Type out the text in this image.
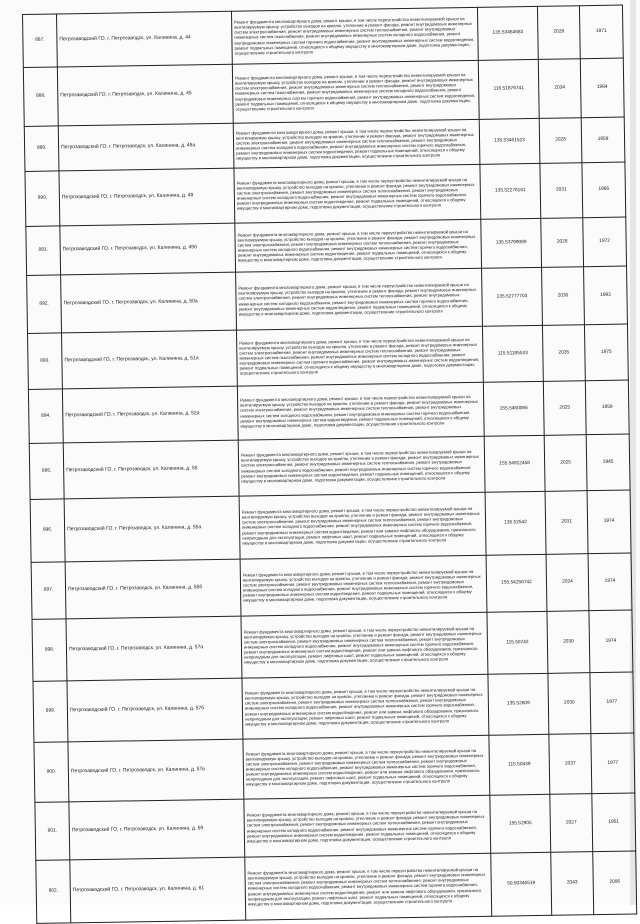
887.	Петрозаводский ГО, г. Петрозаводск, ул. Калинина, д. 44	Ремонт фундамента многоквартирного дома, ремонт крыши, в том числе переустройство невентилируемой крыши на вентилируемую крышу, устройство выходов на кровлю, утепление и ремонт фасада, ремонт внутридомовых инженерных систем электроснабжения, ремонт внутридомовых инженерных систем теплоснабжения, ремонт внутридомовых инженерных систем газоснабжения, ремонт внутридомовых инженерных систем холодного водоснабжения, ремонт внутридомовых инженерных систем горячего водоснабжения, ремонт внутридомовых инженерных систем водоотведения, ремонт подвальных помещений, относящихся к общему имуществу в многоквартирном доме, подготовка документации, осуществление строительного контроля	135.53464683	2029	1971
888.	Петрозаводский ГО, г. Петрозаводск, ул. Калинина, д. 45	Ремонт фундамента многоквартирного дома, ремонт крыши, в том числе переустройство невентилируемой крыши на вентилируемую крышу, устройство выходов на кровлю, утепление и ремонт фасада, ремонт внутридомовых инженерных систем электроснабжения, ремонт внутридомовых инженерных систем теплоснабжения, ремонт внутридомовых инженерных систем газоснабжения, ремонт внутридомовых инженерных систем холодного водоснабжения, ремонт внутридомовых инженерных систем горячего водоснабжения, ремонт внутридомовых инженерных систем водоотведения, ремонт подвальных помещений, относящихся к общему имуществу в многоквартирном доме, подготовка документации, осуществление строительного контроля	116.51876741	2034	1984
889.	Петрозаводский ГО, г. Петрозаводск, ул. Калинина, д. 46а	Ремонт фундамента многоквартирного дома, ремонт крыши, в том числе переустройство невентилируемой крыши на вентилируемую крышу, устройство выходов на кровлю, утепление и ремонт фасада, ремонт внутридомовых инженерных систем электроснабжения, ремонт внутридомовых инженерных систем теплоснабжения, ремонт внутридомовых инженерных систем холодного водоснабжения, ремонт внутридомовых инженерных систем горячего водоснабжения, ремонт внутридомовых инженерных систем водоотведения, ремонт подвальных помещений, относящихся к общему имуществу в многоквартирном доме, подготовка документации, осуществление строительного контроля	135.53461523	2028	1959
890.	Петрозаводский ГО, г. Петрозаводск, ул. Калинина, д. 48	Ремонт фундамента многоквартирного дома, ремонт крыши, в том числе переустройство невентилируемой крыши на вентилируемую крышу, устройство выходов на кровлю, утепление и ремонт фасада, ремонт внутридомовых инженерных систем электроснабжения, ремонт внутридомовых инженерных систем теплоснабжения, ремонт внутридомовых инженерных систем холодного водоснабжения, ремонт внутридомовых инженерных систем горячего водоснабжения, ремонт внутридомовых инженерных систем водоотведения, ремонт подвальных помещений, относящихся к общему имуществу в многоквартирном доме, подготовка документации, осуществление строительного контроля	135.52276161	2031	1985
891.	Петрозаводский ГО, г. Петрозаводск, ул. Калинина, д. 49б	Ремонт фундамента многоквартирного дома, ремонт крыши, в том числе переустройство невентилируемой крыши на вентилируемую крышу, устройство выходов на кровлю, утепление и ремонт фасада, ремонт внутридомовых инженерных систем электроснабжения, ремонт внутридомовых инженерных систем теплоснабжения, ремонт внутридомовых инженерных систем холодного водоснабжения, ремонт внутридомовых инженерных систем горячего водоснабжения, ремонт внутридомовых инженерных систем водоотведения, ремонт подвальных помещений, относящихся к общему имуществу в многоквартирном доме, подготовка документации, осуществление строительного контроля	135.53799089	2028	1972
892.	Петрозаводский ГО, г. Петрозаводск, ул. Калинина, д. 50а	Ремонт фундамента многоквартирного дома, ремонт крыши, в том числе переустройство невентилируемой крыши на вентилируемую крышу, устройство выходов на кровлю, утепление и ремонт фасада, ремонт внутридомовых инженерных систем электроснабжения, ремонт внутридомовых инженерных систем теплоснабжения, ремонт внутридомовых инженерных систем холодного водоснабжения, ремонт внутридомовых инженерных систем горячего водоснабжения, ремонт внутридомовых инженерных систем водоотведения, ремонт подвальных помещений, относящихся к общему имуществу в многоквартирном доме, подготовка документации, осуществление строительного контроля	135.52777703	2030	1983
893.	Петрозаводский ГО, г. Петрозаводск, ул. Калинина, д. 51а	Ремонт фундамента многоквартирного дома, ремонт крыши, в том числе переустройство невентилируемой крыши на вентилируемую крышу, устройство выходов на кровлю, утепление и ремонт фасада, ремонт внутридомовых инженерных систем электроснабжения, ремонт внутридомовых инженерных систем теплоснабжения, ремонт внутридомовых инженерных систем газоснабжения, ремонт внутридомовых инженерных систем холодного водоснабжения, ремонт внутридомовых инженерных систем горячего водоснабжения, ремонт внутридомовых инженерных систем водоотведения, ремонт подвальных помещений, относящихся к общему имуществу в многоквартирном доме, подготовка документации, осуществление строительного контроля	115.51185533	2035	1975
894.	Петрозаводский ГО, г. Петрозаводск, ул. Калинина, д. 52а	Ремонт фундамента многоквартирного дома, ремонт крыши, в том числе переустройство невентилируемой крыши на вентилируемую крышу, устройство выходов на кровлю, утепление и ремонт фасада, ремонт внутридомовых инженерных систем электроснабжения, ремонт внутридомовых инженерных систем теплоснабжения, ремонт внутридомовых инженерных систем холодного водоснабжения, ремонт внутридомовых инженерных систем горячего водоснабжения, ремонт внутридомовых инженерных систем водоотведения, ремонт подвальных помещений, относящихся к общему имуществу в многоквартирном доме, подготовка документации, осуществление строительного контроля	155.5460066	2025	1959
895.	Петрозаводский ГО, г. Петрозаводск, ул. Калинина, д. 55	Ремонт фундамента многоквартирного дома, ремонт крыши, в том числе переустройство невентилируемой крыши на вентилируемую крышу, устройство выходов на кровлю, утепление и ремонт фасада, ремонт внутридомовых инженерных систем электроснабжения, ремонт внутридомовых инженерных систем теплоснабжения, ремонт внутридомовых инженерных систем холодного водоснабжения, ремонт внутридомовых инженерных систем горячего водоснабжения, ремонт внутридомовых инженерных систем водоотведения, ремонт подвальных помещений, относящихся к общему имуществу в многоквартирном доме, подготовка документации, осуществление строительного контроля	155.54912458	2025	1945
896.	Петрозаводский ГО, г. Петрозаводск, ул. Калинина, д. 55а	Ремонт фундамента многоквартирного дома, ремонт крыши, в том числе переустройство невентилируемой крыши на вентилируемую крышу, устройство выходов на кровлю, утепление и ремонт фасада, ремонт внутридомовых инженерных систем электроснабжения, ремонт внутридомовых инженерных систем теплоснабжения, ремонт внутридомовых инженерных систем холодного водоснабжения, ремонт внутридомовых инженерных систем горячего водоснабжения, ремонт внутридомовых инженерных систем водоотведения, ремонт или замена лифтового оборудования, признанного непригодным для эксплуатации, ремонт лифтовых шахт, ремонт подвальных помещений, относящихся к общему имуществу в многоквартирном доме, подготовка документации, осуществление строительного контроля	135.52542	2031	1974
897.	Петрозаводский ГО, г. Петрозаводск, ул. Калинина, д. 55б	Ремонт фундамента многоквартирного дома, ремонт крыши, в том числе переустройство невентилируемой крыши на вентилируемую крышу, устройство выходов на кровлю, утепление и ремонт фасада, ремонт внутридомовых инженерных систем электроснабжения, ремонт внутридомовых инженерных систем теплоснабжения, ремонт внутридомовых инженерных систем холодного водоснабжения, ремонт внутридомовых инженерных систем горячего водоснабжения, ремонт внутридомовых инженерных систем водоотведения, ремонт подвальных помещений, относящихся к общему имуществу в многоквартирном доме, подготовка документации, осуществление строительного контроля	155.54256742	2024	1974
898.	Петрозаводский ГО, г. Петрозаводск, ул. Калинина, д. 57а	Ремонт фундамента многоквартирного дома, ремонт крыши, в том числе переустройство невентилируемой крыши на вентилируемую крышу, устройство выходов на кровлю, утепление и ремонт фасада, ремонт внутридомовых инженерных систем электроснабжения, ремонт внутридомовых инженерных систем теплоснабжения, ремонт внутридомовых инженерных систем холодного водоснабжения, ремонт внутридомовых инженерных систем горячего водоснабжения, ремонт внутридомовых инженерных систем водоотведения, ремонт или замена лифтового оборудования, признанного непригодным для эксплуатации, ремонт лифтовых шахт, ремонт подвальных помещений, относящихся к общему имуществу в многоквартирном доме, подготовка документации, осуществление строительного контроля	115.50742	2030	1974
899.	Петрозаводский ГО, г. Петрозаводск, ул. Калинина, д. 57б	Ремонт фундамента многоквартирного дома, ремонт крыши, в том числе переустройство невентилируемой крыши на вентилируемую крышу, устройство выходов на кровлю, утепление и ремонт фасада, ремонт внутридомовых инженерных систем электроснабжения, ремонт внутридомовых инженерных систем теплоснабжения, ремонт внутридомовых инженерных систем холодного водоснабжения, ремонт внутридомовых инженерных систем горячего водоснабжения, ремонт внутридомовых инженерных систем водоотведения, ремонт или замена лифтового оборудования, признанного непригодным для эксплуатации, ремонт лифтовых шахт, ремонт подвальных помещений, относящихся к общему имуществу в многоквартирном доме, подготовка документации, осуществление строительного контроля	135.52609	2030	1977
900.	Петрозаводский ГО, г. Петрозаводск, ул. Калинина, д. 57в	Ремонт фундамента многоквартирного дома, ремонт крыши, в том числе переустройство невентилируемой крыши на вентилируемую крышу, устройство выходов на кровлю, утепление и ремонт фасада, ремонт внутридомовых инженерных систем электроснабжения, ремонт внутридомовых инженерных систем теплоснабжения, ремонт внутридомовых инженерных систем холодного водоснабжения, ремонт внутридомовых инженерных систем горячего водоснабжения, ремонт внутридомовых инженерных систем водоотведения, ремонт или замена лифтового оборудования, признанного непригодным для эксплуатации, ремонт лифтовых шахт, ремонт подвальных помещений, относящихся к общему имуществу в многоквартирном доме, подготовка документации, осуществление строительного контроля	115.50439	2037	1977
901.	Петрозаводский ГО, г. Петрозаводск, ул. Калинина, д. 59	Ремонт фундамента многоквартирного дома, ремонт крыши, в том числе переустройство невентилируемой крыши на вентилируемую крышу, устройство выходов на кровлю, утепление и ремонт фасада, ремонт внутридомовых инженерных систем электроснабжения, ремонт внутридомовых инженерных систем теплоснабжения, ремонт внутридомовых инженерных систем холодного водоснабжения, ремонт внутридомовых инженерных систем горячего водоснабжения, ремонт внутридомовых инженерных систем водоотведения, ремонт подвальных помещений, относящихся к общему имуществу в многоквартирном доме, подготовка документации, осуществление строительного контроля	155.52905	2027	1951
902.	Петрозаводский ГО, г. Петрозаводск, ул. Калинина, д. 61	Ремонт фундамента многоквартирного дома, ремонт крыши, в том числе переустройство невентилируемой крыши на вентилируемую крышу, устройство выходов на кровлю, утепление и ремонт фасада, ремонт внутридомовых инженерных систем электроснабжения, ремонт внутридомовых инженерных систем теплоснабжения, ремонт внутридомовых инженерных систем холодного водоснабжения, ремонт внутридомовых инженерных систем горячего водоснабжения, ремонт внутридомовых инженерных систем водоотведения, ремонт или замена лифтового оборудования, признанного непригодным для эксплуатации, ремонт лифтовых шахт, ремонт подвальных помещений, относящихся к общему имуществу в многоквартирном доме, подготовка документации, осуществление строительного контроля	50.50346519	2043	2006
